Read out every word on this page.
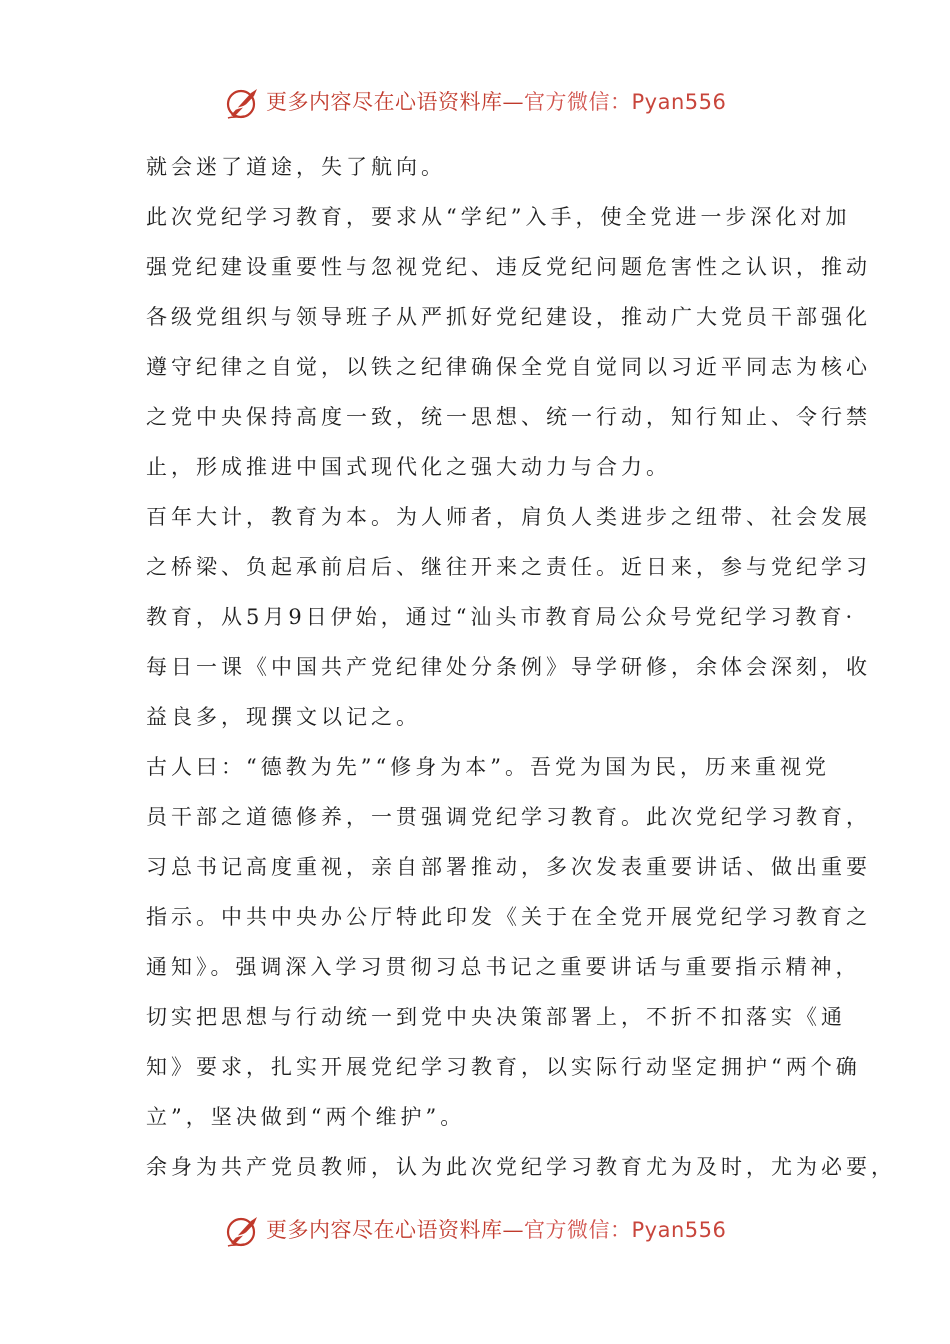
更多内容尽在心语资料库—官方微信：Pyan556
就会迷了道途，失了航向。
此次党纪学习教育，要求从“学纪”入手，使全党进一步深化对加
强党纪建设重要性与忽视党纪、违反党纪问题危害性之认识，推动
各级党组织与领导班子从严抓好党纪建设，推动广大党员干部强化
遵守纪律之自觉，以铁之纪律确保全党自觉同以习近平同志为核心
之党中央保持高度一致，统一思想、统一行动，知行知止、令行禁
止，形成推进中国式现代化之强大动力与合力。
百年大计，教育为本。为人师者，肩负人类进步之纽带、社会发展
之桥梁、负起承前启后、继往开来之责任。近日来，参与党纪学习
教育，从5月9日伊始，通过“汕头市教育局公众号党纪学习教育·
每日一课《中国共产党纪律处分条例》导学研修，余体会深刻，收
益良多，现撰文以记之。
古人曰：“德教为先”“修身为本”。吾党为国为民，历来重视党
员干部之道德修养，一贯强调党纪学习教育。此次党纪学习教育，
习总书记高度重视，亲自部署推动，多次发表重要讲话、做出重要
指示。中共中央办公厅特此印发《关于在全党开展党纪学习教育之
通知》。强调深入学习贯彻习总书记之重要讲话与重要指示精神，
切实把思想与行动统一到党中央决策部署上，不折不扣落实《通
知》要求，扎实开展党纪学习教育，以实际行动坚定拥护“两个确
立”，坚决做到“两个维护”。
余身为共产党员教师，认为此次党纪学习教育尤为及时，尤为必要，
更多内容尽在心语资料库—官方微信：Pyan556
